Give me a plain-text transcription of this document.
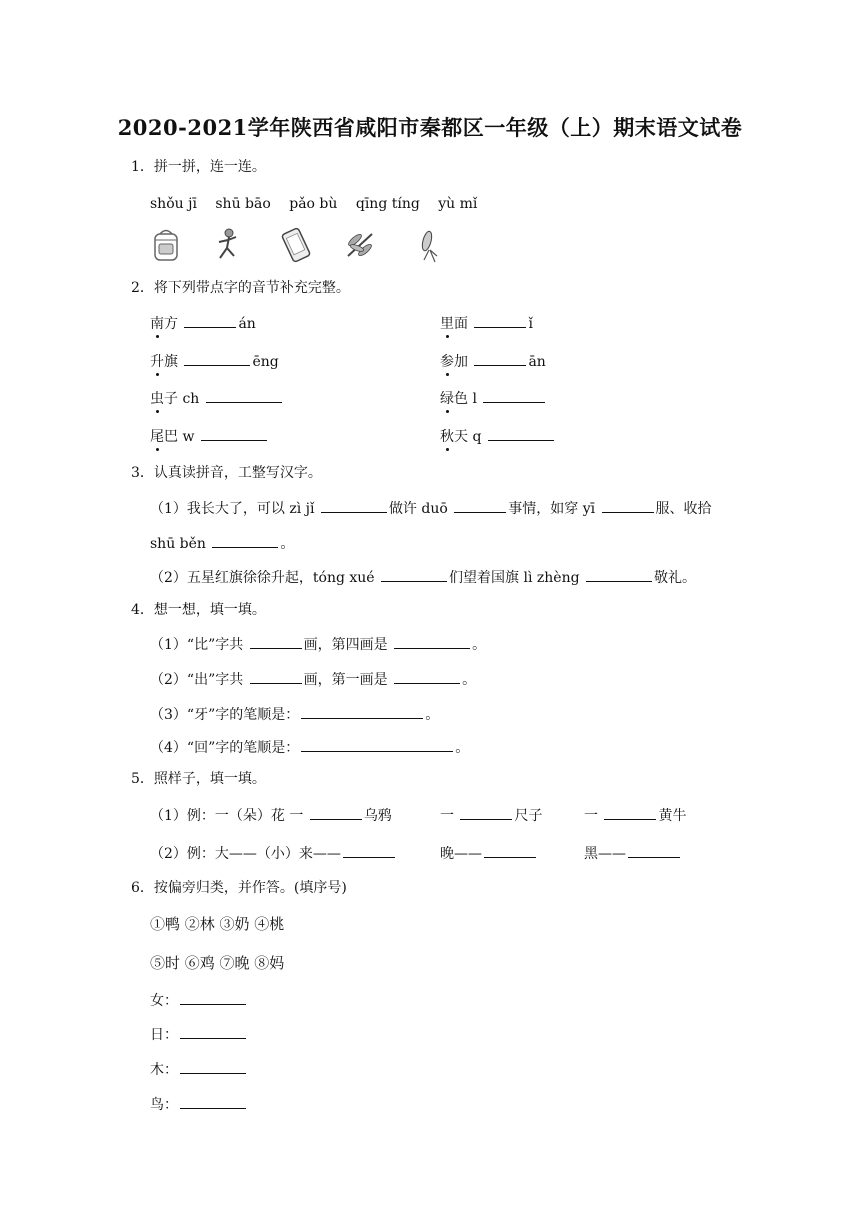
2020-2021学年陕西省咸阳市秦都区一年级（上）期末语文试卷
1．拼一拼，连一连。
shǒu jī shū bāo pǎo bù qīng tíng yù mǐ
2．将下列带点字的音节补充完整。
南方	án	里面	ǐ
升旗	ēng	参加	ān
虫子 ch	绿色 l
尾巴 w	秋天 q
3．认真读拼音，工整写汉字。
（1）我长大了，可以 zì jǐ	做许 duō	事情，如穿 yī	服、收拾
shū běn	。
（2）五星红旗徐徐升起，tóng xué	们望着国旗 lì zhèng	敬礼。
4．想一想，填一填。
（1）“比”字共	画，第四画是	。
（2）“出”字共	画，第一画是	。
（3）“牙”字的笔顺是：	。
（4）“回”字的笔顺是：	。
5．照样子，填一填。
（1）例：一（朵）花 一	乌鸦	一	尺子	一	黄牛
（2）例：大——（小）来——	晚——	黑——
6．按偏旁归类，并作答。(填序号)
①鸭 ②林 ③奶 ④桃
⑤时 ⑥鸡 ⑦晚 ⑧妈
女：
日：
木：
鸟：
